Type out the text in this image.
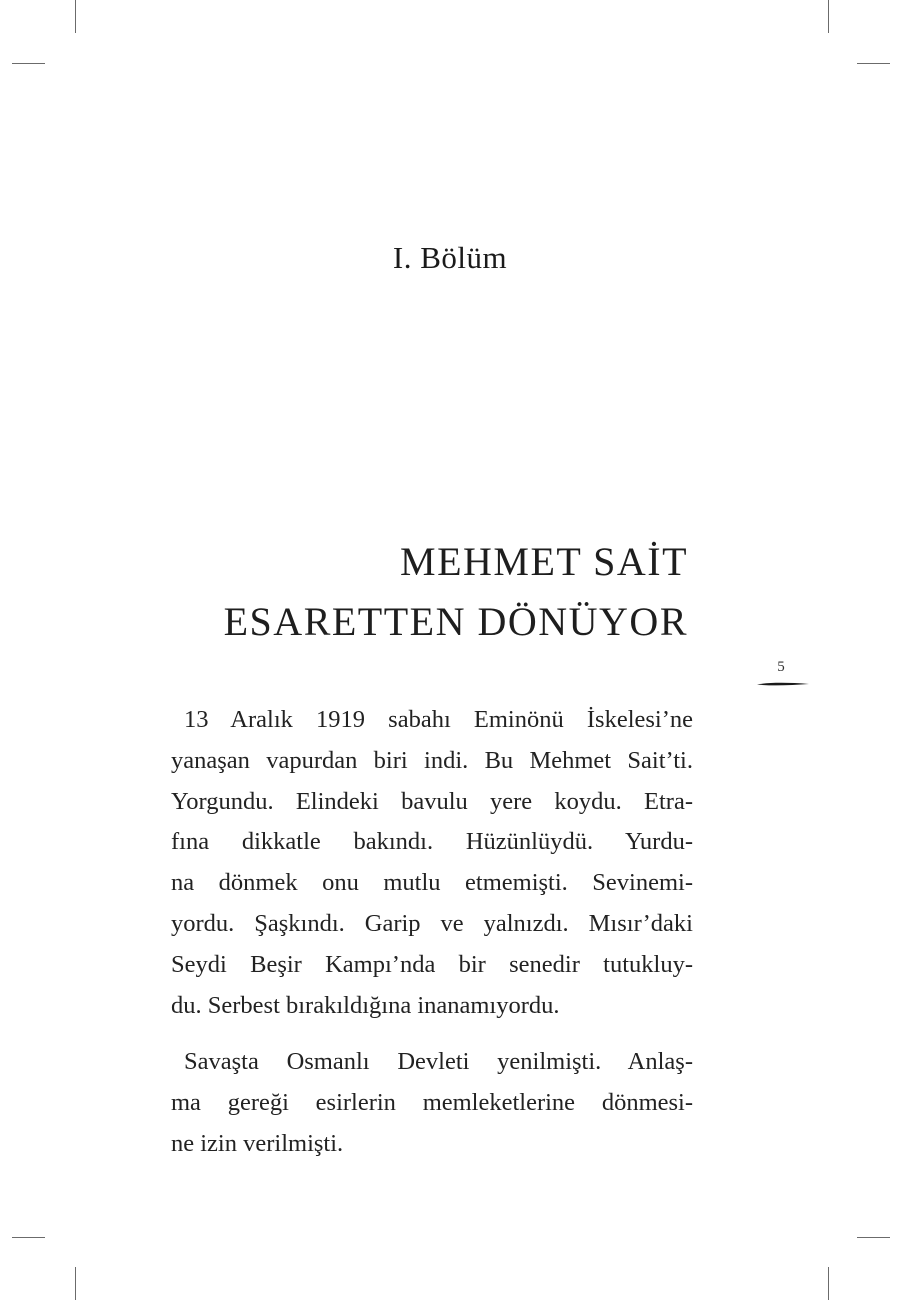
I. Bölüm
MEHMET SAİT
ESARETTEN DÖNÜYOR
5

13 Aralık 1919 sabahı Eminönü İskelesi’ne
yanaşan vapurdan biri indi. Bu Mehmet Sait’ti.
Yorgundu. Elindeki bavulu yere koydu. Etra-
fına dikkatle bakındı. Hüzünlüydü. Yurdu-
na dönmek onu mutlu etmemişti. Sevinemi-
yordu. Şaşkındı. Garip ve yalnızdı. Mısır’daki
Seydi Beşir Kampı’nda bir senedir tutukluy-
du. Serbest bırakıldığına inanamıyordu.

Savaşta Osmanlı Devleti yenilmişti. Anlaş-
ma gereği esirlerin memleketlerine dönmesi-
ne izin verilmişti.
